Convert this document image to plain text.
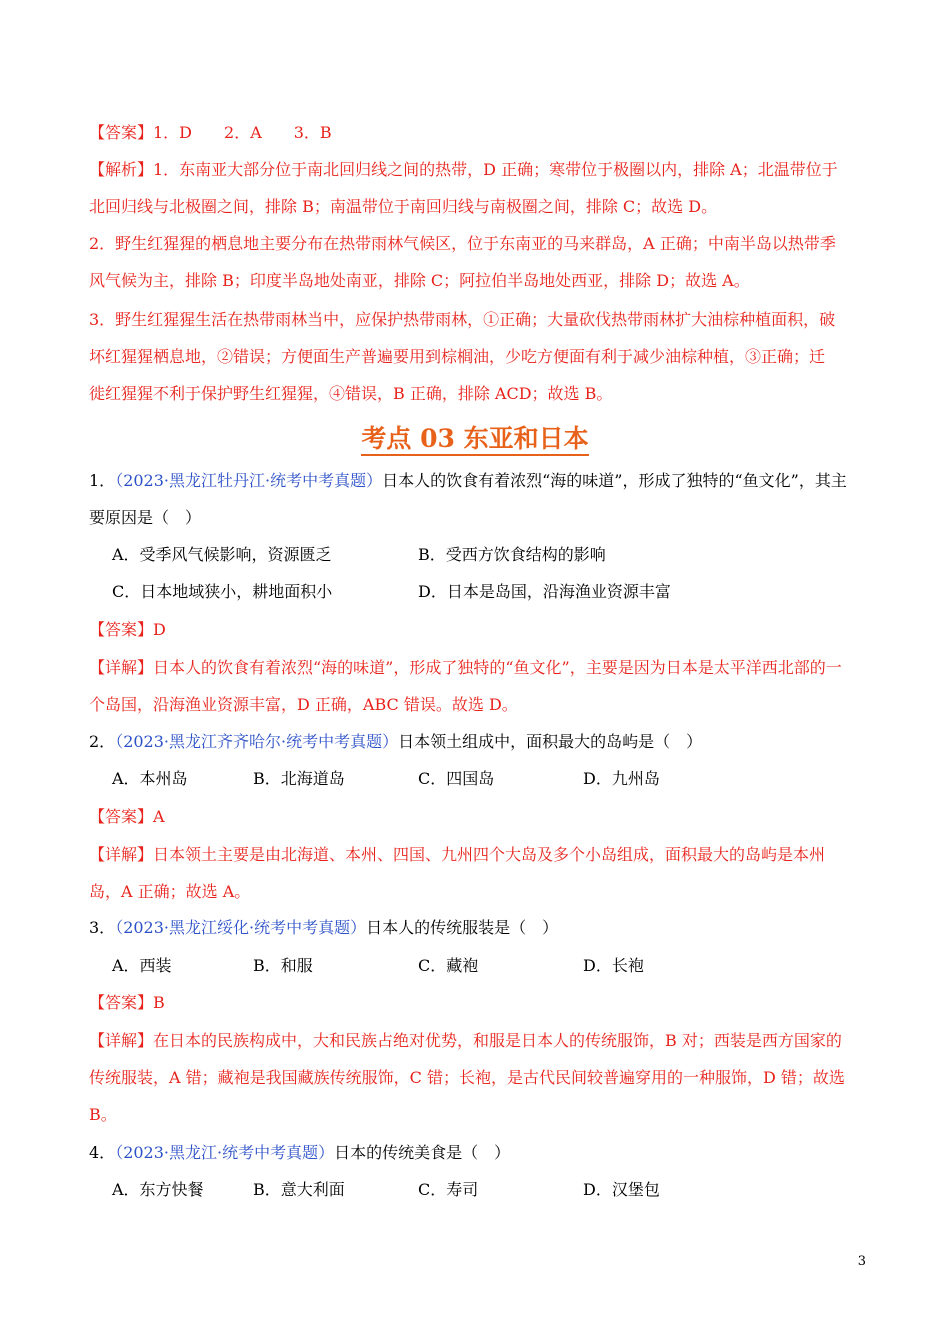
【答案】1．D　　2．A　　3．B
【解析】1．东南亚大部分位于南北回归线之间的热带，D 正确；寒带位于极圈以内，排除 A；北温带位于
北回归线与北极圈之间，排除 B；南温带位于南回归线与南极圈之间，排除 C；故选 D。
2．野生红猩猩的栖息地主要分布在热带雨林气候区，位于东南亚的马来群岛，A 正确；中南半岛以热带季
风气候为主，排除 B；印度半岛地处南亚，排除 C；阿拉伯半岛地处西亚，排除 D；故选 A。
3．野生红猩猩生活在热带雨林当中，应保护热带雨林，①正确；大量砍伐热带雨林扩大油棕种植面积，破
坏红猩猩栖息地，②错误；方便面生产普遍要用到棕榈油，少吃方便面有利于减少油棕种植，③正确；迁
徙红猩猩不利于保护野生红猩猩，④错误，B 正确，排除 ACD；故选 B。
考点 03 东亚和日本
1．（2023·黑龙江牡丹江·统考中考真题）日本人的饮食有着浓烈“海的味道”，形成了独特的“鱼文化”，其主
要原因是（　）
A．受季风气候影响，资源匮乏	B．受西方饮食结构的影响
C．日本地域狭小，耕地面积小	D．日本是岛国，沿海渔业资源丰富
【答案】D
【详解】日本人的饮食有着浓烈“海的味道”，形成了独特的“鱼文化”，主要是因为日本是太平洋西北部的一
个岛国，沿海渔业资源丰富，D 正确，ABC 错误。故选 D。
2．（2023·黑龙江齐齐哈尔·统考中考真题）日本领土组成中，面积最大的岛屿是（　）
A．本州岛	B．北海道岛	C．四国岛	D．九州岛
【答案】A
【详解】日本领土主要是由北海道、本州、四国、九州四个大岛及多个小岛组成，面积最大的岛屿是本州
岛，A 正确；故选 A。
3．（2023·黑龙江绥化·统考中考真题）日本人的传统服装是（　）
A．西装	B．和服	C．藏袍	D．长袍
【答案】B
【详解】在日本的民族构成中，大和民族占绝对优势，和服是日本人的传统服饰，B 对；西装是西方国家的
传统服装，A 错；藏袍是我国藏族传统服饰，C 错；长袍，是古代民间较普遍穿用的一种服饰，D 错；故选
B。
4．（2023·黑龙江·统考中考真题）日本的传统美食是（　）
A．东方快餐	B．意大利面	C．寿司	D．汉堡包
3
